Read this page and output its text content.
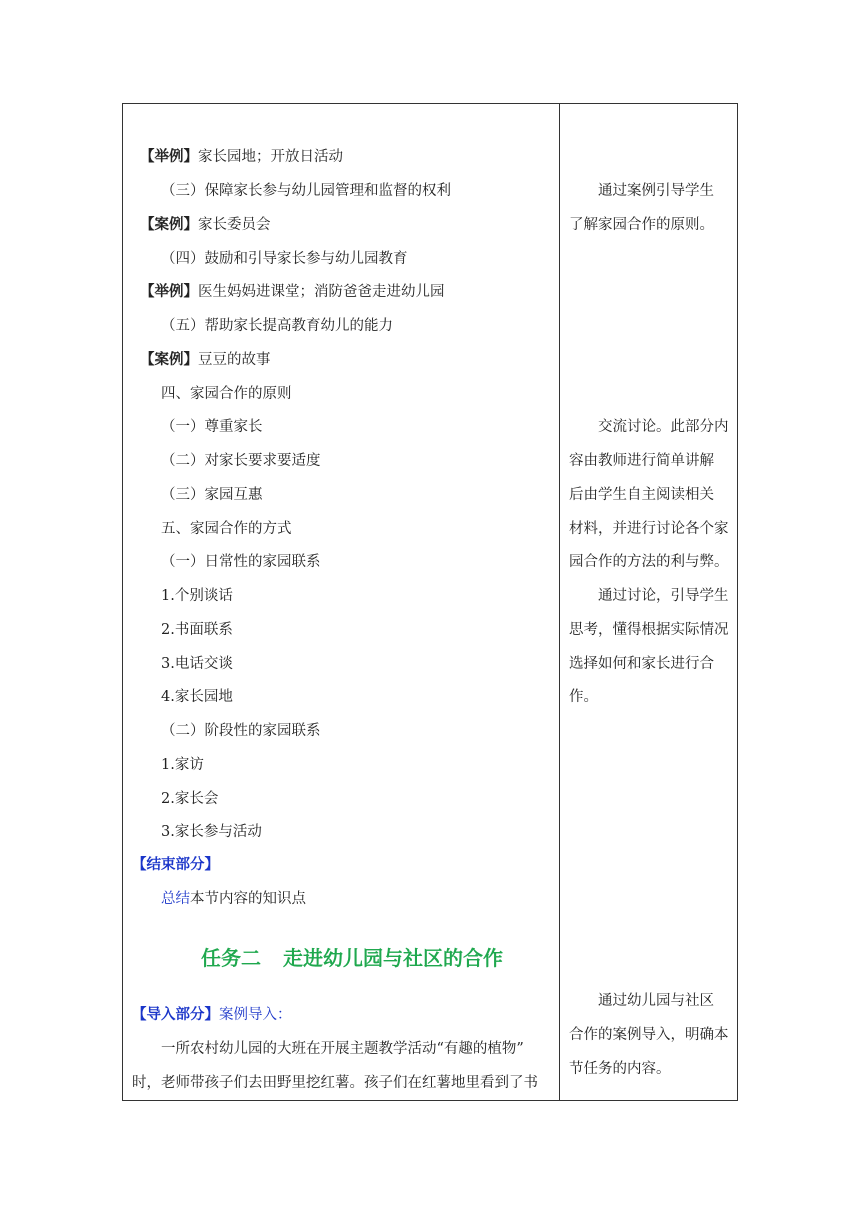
【举例】家长园地；开放日活动
（三）保障家长参与幼儿园管理和监督的权利
【案例】家长委员会
（四）鼓励和引导家长参与幼儿园教育
【举例】医生妈妈进课堂；消防爸爸走进幼儿园
（五）帮助家长提高教育幼儿的能力
【案例】豆豆的故事
四、家园合作的原则
（一）尊重家长
（二）对家长要求要适度
（三）家园互惠
五、家园合作的方式
（一）日常性的家园联系
1.个别谈话
2.书面联系
3.电话交谈
4.家长园地
（二）阶段性的家园联系
1.家访
2.家长会
3.家长参与活动
【结束部分】
总结本节内容的知识点
任务二 走进幼儿园与社区的合作
【导入部分】案例导入：
一所农村幼儿园的大班在开展主题教学活动“有趣的植物”
时，老师带孩子们去田野里挖红薯。孩子们在红薯地里看到了书
通过案例引导学生
了解家园合作的原则。
交流讨论。此部分内
容由教师进行简单讲解
后由学生自主阅读相关
材料，并进行讨论各个家
园合作的方法的利与弊。
通过讨论，引导学生
思考，懂得根据实际情况
选择如何和家长进行合
作。
通过幼儿园与社区
合作的案例导入，明确本
节任务的内容。
